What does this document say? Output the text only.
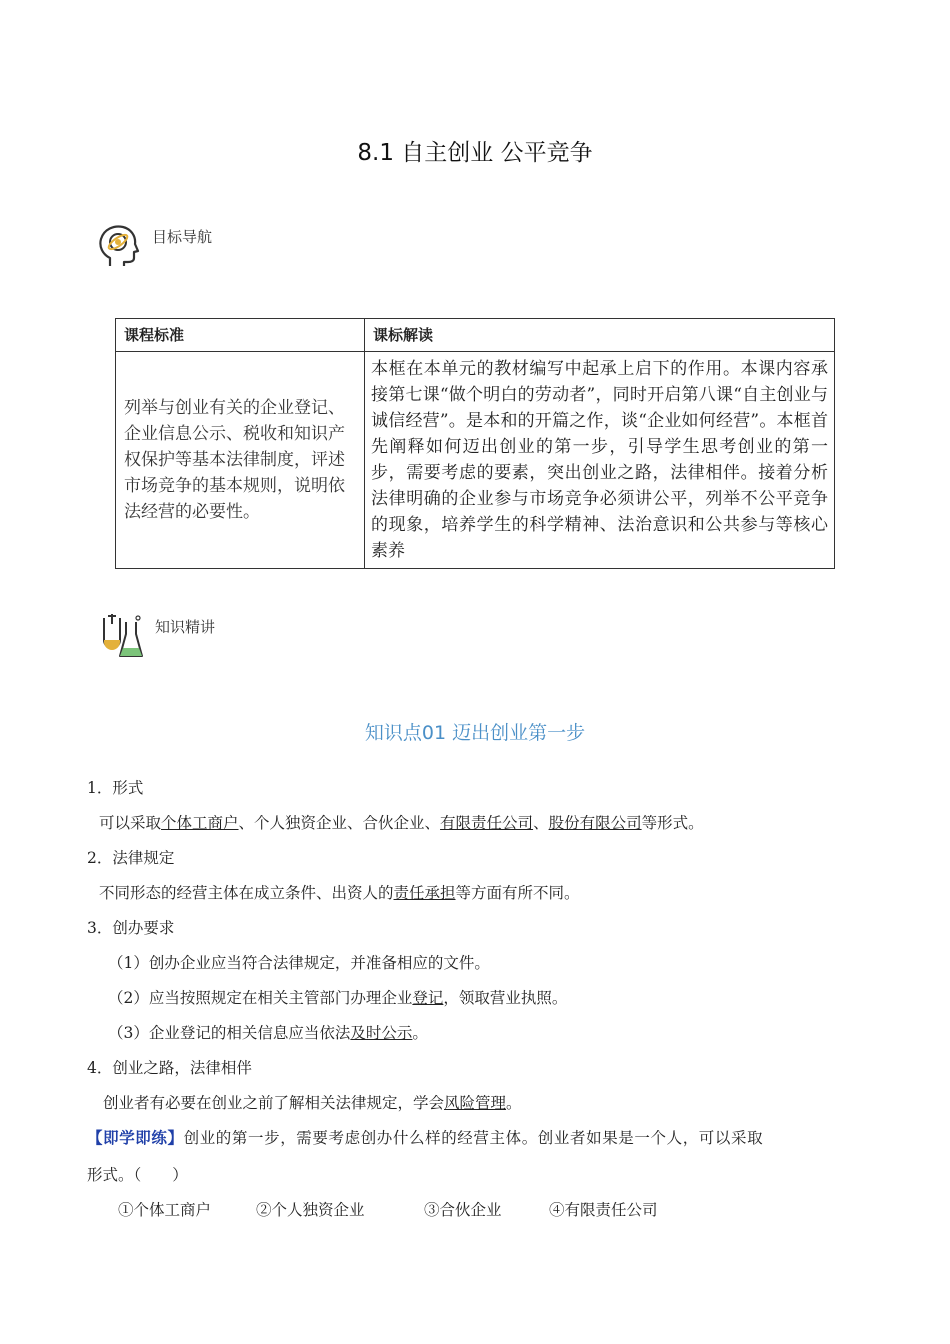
8.1 自主创业 公平竞争
目标导航
课程标准	课标解读
列举与创业有关的企业登记、企业信息公示、税收和知识产权保护等基本法律制度，评述市场竞争的基本规则，说明依法经营的必要性。	本框在本单元的教材编写中起承上启下的作用。本课内容承接第七课“做个明白的劳动者”，同时开启第八课“自主创业与诚信经营”。是本和的开篇之作，谈“企业如何经营”。本框首先阐释如何迈出创业的第一步，引导学生思考创业的第一步，需要考虑的要素，突出创业之路，法律相伴。接着分析法律明确的企业参与市场竞争必须讲公平，列举不公平竞争的现象，培养学生的科学精神、法治意识和公共参与等核心素养
知识精讲
知识点01 迈出创业第一步
1．形式
可以采取个体工商户、个人独资企业、合伙企业、有限责任公司、股份有限公司等形式。
2．法律规定
不同形态的经营主体在成立条件、出资人的责任承担等方面有所不同。
3．创办要求
（1）创办企业应当符合法律规定，并准备相应的文件。
（2）应当按照规定在相关主管部门办理企业登记，领取营业执照。
（3）企业登记的相关信息应当依法及时公示。
4．创业之路，法律相伴
创业者有必要在创业之前了解相关法律规定，学会风险管理。
【即学即练】创业的第一步，需要考虑创办什么样的经营主体。创业者如果是一个人，可以采取
形式。（　　）
①个体工商户	②个人独资企业	③合伙企业	④有限责任公司
